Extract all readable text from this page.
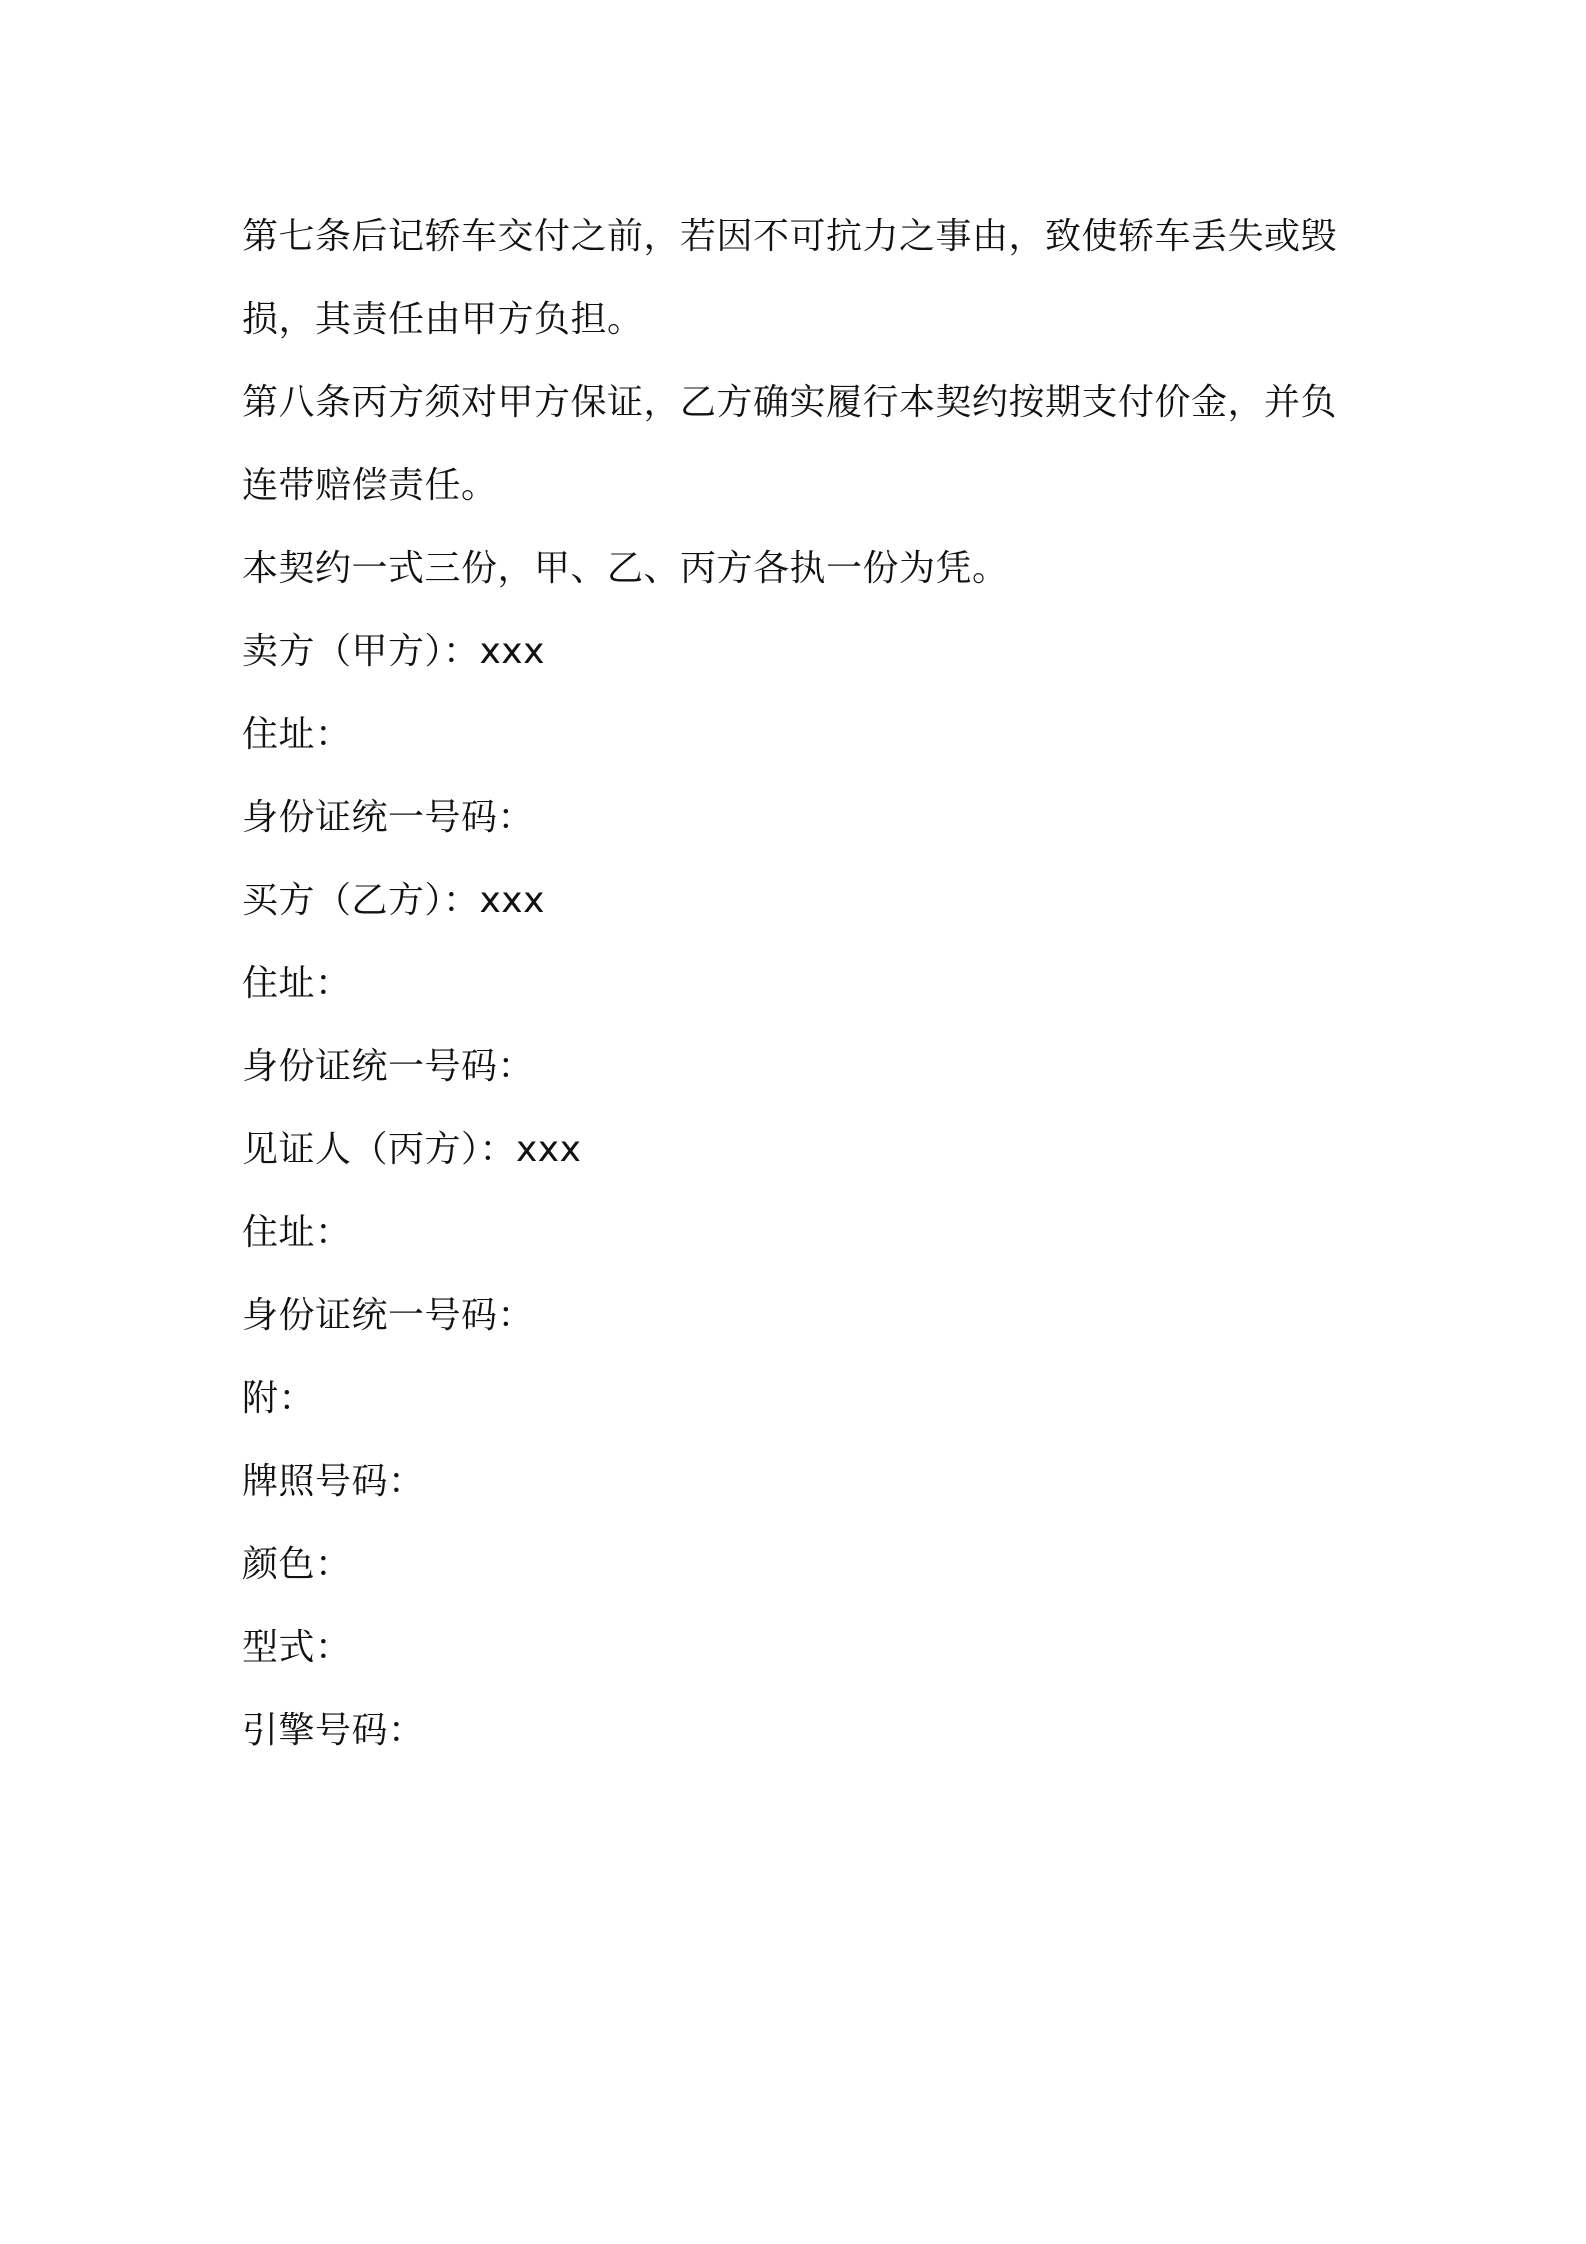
第七条后记轿车交付之前，若因不可抗力之事由，致使轿车丢失或毁损，其责任由甲方负担。

第八条丙方须对甲方保证，乙方确实履行本契约按期支付价金，并负连带赔偿责任。

本契约一式三份，甲、乙、丙方各执一份为凭。

卖方（甲方）：xxx

住址：

身份证统一号码：

买方（乙方）：xxx

住址：

身份证统一号码：

见证人（丙方）：xxx

住址：

身份证统一号码：

附：

牌照号码：

颜色：

型式：

引擎号码：
